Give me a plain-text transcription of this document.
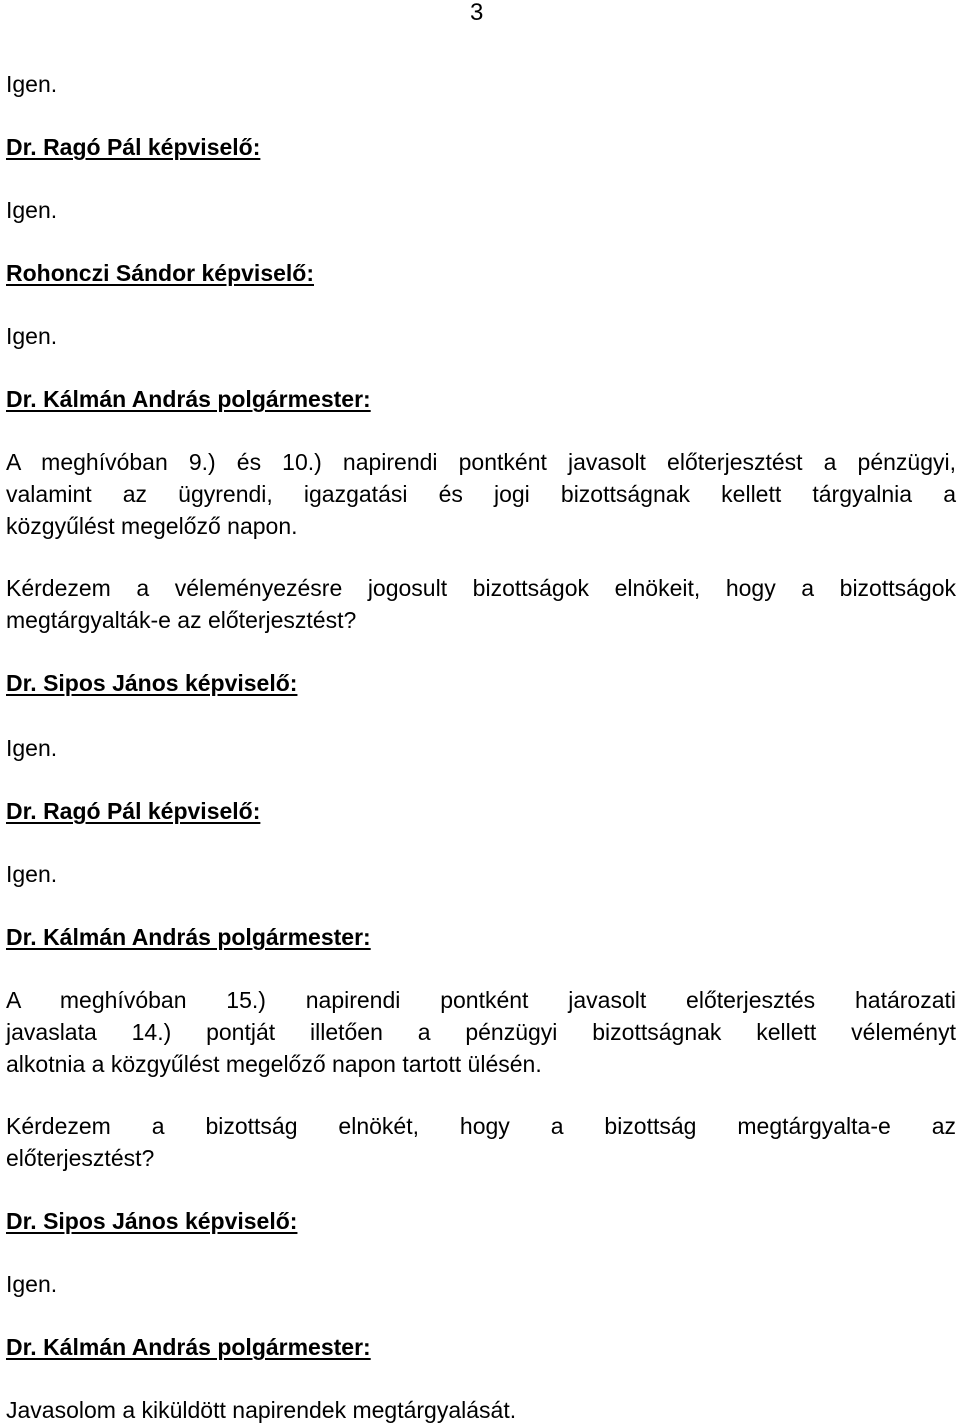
3
Igen.
Dr. Ragó Pál képviselő:
Igen.
Rohonczi Sándor képviselő:
Igen.
Dr. Kálmán András polgármester:
A meghívóban 9.) és 10.) napirendi pontként javasolt előterjesztést a pénzügyi,
valamint az ügyrendi, igazgatási és jogi bizottságnak kellett tárgyalnia a
közgyűlést megelőző napon.
Kérdezem a véleményezésre jogosult bizottságok elnökeit, hogy a bizottságok
megtárgyalták-e az előterjesztést?
Dr. Sipos János képviselő:
Igen.
Dr. Ragó Pál képviselő:
Igen.
Dr. Kálmán András polgármester:
A meghívóban 15.) napirendi pontként javasolt előterjesztés határozati
javaslata 14.) pontját illetően a pénzügyi bizottságnak kellett véleményt
alkotnia a közgyűlést megelőző napon tartott ülésén.
Kérdezem a bizottság elnökét, hogy a bizottság megtárgyalta-e az
előterjesztést?
Dr. Sipos János képviselő:
Igen.
Dr. Kálmán András polgármester:
Javasolom a kiküldött napirendek megtárgyalását.
